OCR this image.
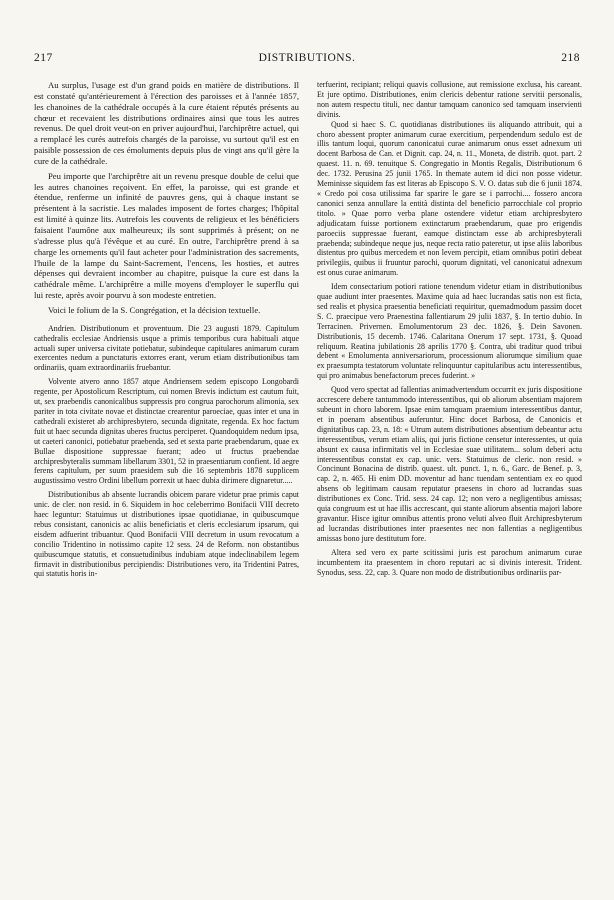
217	DISTRIBUTIONS.	218

Au surplus, l'usage est d'un grand poids en matière de distributions. Il est constaté qu'antérieurement à l'érection des paroisses et à l'année 1857, les chanoines de la cathédrale occupés à la cure étaient réputés présents au chœur et recevaient les distributions ordinaires ainsi que tous les autres revenus. De quel droit veut-on en priver aujourd'hui, l'archiprêtre actuel, qui a remplacé les curés autrefois chargés de la paroisse, vu surtout qu'il est en paisible possession de ces émoluments depuis plus de vingt ans qu'il gère la cure de la cathédrale.

Peu importe que l'archiprêtre ait un revenu presque double de celui que les autres chanoines reçoivent. En effet, la paroisse, qui est grande et étendue, renferme un infinité de pauvres gens, qui à chaque instant se présentent à la sacristie. Les malades imposent de fortes charges; l'hôpital est limité à quinze lits. Autrefois les couvents de religieux et les bénéficiers faisaient l'aumône aux malheureux; ils sont supprimés à présent; on ne s'adresse plus qu'à l'évêque et au curé. En outre, l'archiprêtre prend à sa charge les ornements qu'il faut acheter pour l'administration des sacrements, l'huile de la lampe du Saint-Sacrement, l'encens, les hosties, et autres dépenses qui devraient incomber au chapitre, puisque la cure est dans la cathédrale même. L'archiprêtre a mille moyens d'employer le superflu qui lui reste, après avoir pourvu à son modeste entretien.

Voici le folium de la S. Congrégation, et la décision textuelle.

Andrien. Distributionum et proventuum. Die 23 augusti 1879. Capitulum cathedralis ecclesiae Andriensis usque a primis temporibus cura habituali atque actuali super universa civitate potiebatur, subindeque capitulares animarum curam exercentes nedum a punctaturis extorres erant, verum etiam distributionibus tam ordinariis, quam extraordinariis fruebantur.

Volvente atvero anno 1857 atque Andriensem sedem episcopo Longobardi regente, per Apostolicum Rescriptum, cui nomen Brevis indictum est cautum fuit, ut, sex praebendis canonicalibus suppressis pro congrua parochorum alimonia, sex pariter in tota civitate novae et distinctae crearentur paroeciae, quas inter et una in cathedrali existeret ab archipresbytero, secunda dignitate, regenda. Ex hoc factum fuit ut haec secunda dignitas uberes fructus perciperet. Quandoquidem nedum ipsa, ut caeteri canonici, potiebatur praebenda, sed et sexta parte praebendarum, quae ex Bullae dispositione suppressae fuerant; adeo ut fructus praebendae archipresbyteralis summam libellarum 3301, 52 in praesentiarum confient. Id aegre ferens capitulum, per suum praesidem sub die 16 septembris 1878 supplicem augustissimo vestro Ordini libellum porrexit ut haec dubia dirimere dignaretur.....

Distributionibus ab absente lucrandis obicem parare videtur prae primis caput unic. de cler. non resid. in 6. Siquidem in hoc celeberrimo Bonifacii VIII decreto haec leguntur: Statuimus ut distributiones ipsae quotidianae, in quibuscumque rebus consistant, canonicis ac aliis beneficiatis et cleris ecclesiarum ipsarum, qui eisdem adfuerint tribuantur. Quod Bonifacii VIII decretum in usum revocatum a concilio Tridentino in notissimo capite 12 sess. 24 de Reform. non obstantibus quibuscumque statutis, et consuetudinibus indubiam atque indeclinabilem legem firmavit in distributionibus percipiendis: Distributiones vero, ita Tridentini Patres, qui statutis horis in-

terfuerint, recipiant; reliqui quavis collusione, aut remissione exclusa, his careant. Et jure optimo. Distributiones, enim clericis debentur ratione servitii personalis, non autem respectu tituli, nec dantur tamquam canonico sed tamquam inservienti divinis.

Quod si haec S. C. quotidianas distributiones iis aliquando attribuit, qui a choro abessent propter animarum curae exercitium, perpendendum sedulo est de illis tantum loqui, quorum canonicatui curae animarum onus esset adnexum uti docent Barbosa de Can. et Dignit. cap. 24, n. 11., Moneta, de distrib. quot. part. 2 quaest. 11. n. 69. tenuitque S. Congregatio in Montis Regalis, Distributionum 6 dec. 1732. Perusina 25 junii 1765. In themate autem id dici non posse videtur. Meminisse siquidem fas est literas ab Episcopo S. V. O. datas sub die 6 junii 1874. « Credo poi cosa utilissima far sparire le gare se i parrochi.... fossero ancora canonici senza annullare la entità distinta del beneficio parrocchiale col proprio titolo. » Quae porro verba plane ostendere videtur etiam archipresbytero adjudicatam fuisse portionem extinctarum praebendarum, quae pro erigendis paroeciis suppressae fuerant, eamque distinctam esse ab archipresbyterali praebenda; subindeque neque jus, neque recta ratio pateretur, ut ipse aliis laboribus distentus pro quibus mercedem et non levem percipit, etiam omnibus potiri debeat privilegiis, quibus ii fruuntur parochi, quorum dignitati, vel canonicatui adnexum est onus curae animarum.

Idem consectarium potiori ratione tenendum videtur etiam in distributionibus quae audiunt inter praesentes. Maxime quia ad haec lucrandas satis non est ficta, sed realis et physica praesentia beneficiati requiritur, quemadmodum passim docet S. C. praecipue vero Praenestina fallentiarum 29 julii 1837, §. In tertio dubio. In Terracinen. Privernen. Emolumentorum 23 dec. 1826, §. Dein Savonen. Distributionis, 15 decemb. 1746. Calaritana Onerum 17 sept. 1731, §. Quoad reliquum. Reatina jubilationis 28 aprilis 1770 §. Contra, ubi traditur quod tribui debent « Emolumenta anniversariorum, processionum aliorumque similium quae ex praesumpta testatorum voluntate relinquuntur capitularibus actu interessentibus, qui pro animabus benefactorum preces fuderint. »

Quod vero spectat ad fallentias animadvertendum occurrit ex juris dispositione accrescere debere tantummodo interessentibus, qui ob aliorum absentiam majorem subeunt in choro laborem. Ipsae enim tamquam praemium interessentibus dantur, et in poenam absentibus auferuntur. Hinc docet Barbosa, de Canonicis et dignitatibus cap. 23, n. 18: « Utrum autem distributiones absentium debeantur actu interessentibus, verum etiam aliis, qui juris fictione censetur interessentes, ut quia absunt ex causa infirmitatis vel in Ecclesiae suae utilitatem... solum deberi actu interessentibus constat ex cap. unic. vers. Statuimus de cleric. non resid. » Concinunt Bonacina de distrib. quaest. ult. punct. 1, n. 6., Garc. de Benef. p. 3, cap. 2, n. 465. Hi enim DD. moventur ad hanc tuendam sententiam ex eo quod absens ob legitimam causam reputatur praesens in choro ad lucrandas suas distributiones ex Conc. Trid. sess. 24 cap. 12; non vero a negligentibus amissas; quia congruum est ut hae illis accrescant, qui stante aliorum absentia majori labore gravantur. Hisce igitur omnibus attentis prono veluti alveo fluit Archipresbyterum ad lucrandas distributiones inter praesentes nec non fallentias a negligentibus amissas bono jure destitutum fore.

Altera sed vero ex parte scitissimi juris est parochum animarum curae incumbentem ita praesentem in choro reputari ac si divinis interesit. Trident. Synodus, sess. 22, cap. 3. Quare non modo de distributionibus ordinariis par-
